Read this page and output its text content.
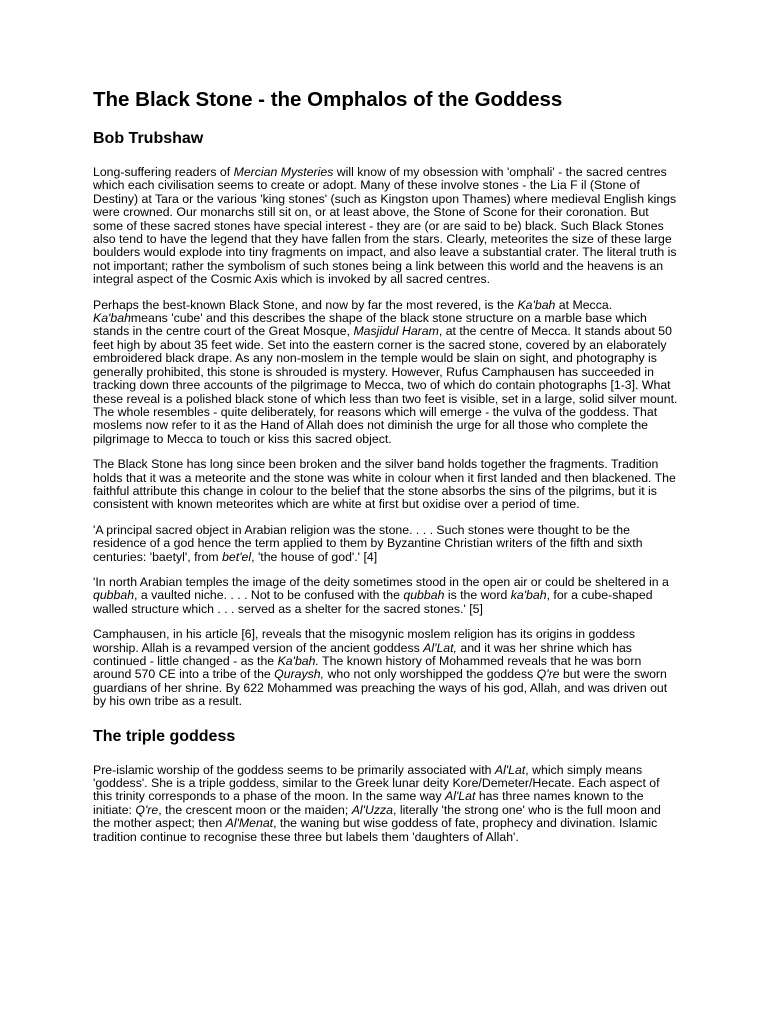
The Black Stone - the Omphalos of the Goddess
Bob Trubshaw

Long-suffering readers of Mercian Mysteries will know of my obsession with 'omphali' - the sacred centres which each civilisation seems to create or adopt. Many of these involve stones - the Lia F il (Stone of Destiny) at Tara or the various 'king stones' (such as Kingston upon Thames) where medieval English kings were crowned. Our monarchs still sit on, or at least above, the Stone of Scone for their coronation. But some of these sacred stones have special interest - they are (or are said to be) black. Such Black Stones also tend to have the legend that they have fallen from the stars. Clearly, meteorites the size of these large boulders would explode into tiny fragments on impact, and also leave a substantial crater. The literal truth is not important; rather the symbolism of such stones being a link between this world and the heavens is an integral aspect of the Cosmic Axis which is invoked by all sacred centres.

Perhaps the best-known Black Stone, and now by far the most revered, is the Ka'bah at Mecca. Ka'bahmeans 'cube' and this describes the shape of the black stone structure on a marble base which stands in the centre court of the Great Mosque, Masjidul Haram, at the centre of Mecca. It stands about 50 feet high by about 35 feet wide. Set into the eastern corner is the sacred stone, covered by an elaborately embroidered black drape. As any non-moslem in the temple would be slain on sight, and photography is generally prohibited, this stone is shrouded is mystery. However, Rufus Camphausen has succeeded in tracking down three accounts of the pilgrimage to Mecca, two of which do contain photographs [1-3]. What these reveal is a polished black stone of which less than two feet is visible, set in a large, solid silver mount. The whole resembles - quite deliberately, for reasons which will emerge - the vulva of the goddess. That moslems now refer to it as the Hand of Allah does not diminish the urge for all those who complete the pilgrimage to Mecca to touch or kiss this sacred object.

The Black Stone has long since been broken and the silver band holds together the fragments. Tradition holds that it was a meteorite and the stone was white in colour when it first landed and then blackened. The faithful attribute this change in colour to the belief that the stone absorbs the sins of the pilgrims, but it is consistent with known meteorites which are white at first but oxidise over a period of time.

'A principal sacred object in Arabian religion was the stone. . . . Such stones were thought to be the residence of a god hence the term applied to them by Byzantine Christian writers of the fifth and sixth centuries: 'baetyl', from bet'el, 'the house of god'.' [4]

'In north Arabian temples the image of the deity sometimes stood in the open air or could be sheltered in a qubbah, a vaulted niche. . . . Not to be confused with the qubbah is the word ka'bah, for a cube-shaped walled structure which . . . served as a shelter for the sacred stones.' [5]

Camphausen, in his article [6], reveals that the misogynic moslem religion has its origins in goddess worship. Allah is a revamped version of the ancient goddess Al'Lat, and it was her shrine which has continued - little changed - as the Ka'bah. The known history of Mohammed reveals that he was born around 570 CE into a tribe of the Quraysh, who not only worshipped the goddess Q're but were the sworn guardians of her shrine. By 622 Mohammed was preaching the ways of his god, Allah, and was driven out by his own tribe as a result.

The triple goddess

Pre-islamic worship of the goddess seems to be primarily associated with Al'Lat, which simply means 'goddess'. She is a triple goddess, similar to the Greek lunar deity Kore/Demeter/Hecate. Each aspect of this trinity corresponds to a phase of the moon. In the same way Al'Lat has three names known to the initiate: Q're, the crescent moon or the maiden; Al'Uzza, literally 'the strong one' who is the full moon and the mother aspect; then Al'Menat, the waning but wise goddess of fate, prophecy and divination. Islamic tradition continue to recognise these three but labels them 'daughters of Allah'.
